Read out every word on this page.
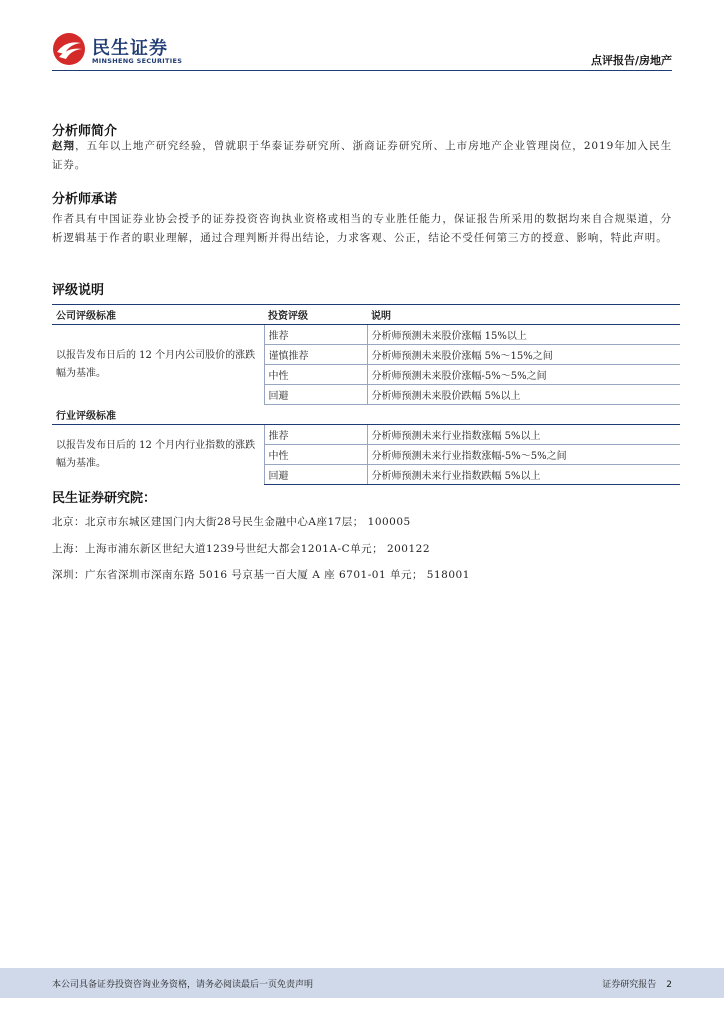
民生证券
MINSHENG SECURITIES	点评报告/房地产
分析师简介
赵翔，五年以上地产研究经验，曾就职于华泰证券研究所、浙商证券研究所、上市房地产企业管理岗位，2019年加入民生证券。
分析师承诺
作者具有中国证券业协会授予的证券投资咨询执业资格或相当的专业胜任能力，保证报告所采用的数据均来自合规渠道，分析逻辑基于作者的职业理解，通过合理判断并得出结论，力求客观、公正，结论不受任何第三方的授意、影响，特此声明。
评级说明
公司评级标准	投资评级	说明
以报告发布日后的 12 个月内公司股价的涨跌幅为基准。	推荐	分析师预测未来股价涨幅 15%以上
	谨慎推荐	分析师预测未来股价涨幅 5%～15%之间
	中性	分析师预测未来股价涨幅-5%～5%之间
	回避	分析师预测未来股价跌幅 5%以上
行业评级标准		
以报告发布日后的 12 个月内行业指数的涨跌幅为基准。	推荐	分析师预测未来行业指数涨幅 5%以上
	中性	分析师预测未来行业指数涨幅-5%～5%之间
	回避	分析师预测未来行业指数跌幅 5%以上
民生证券研究院：
北京：北京市东城区建国门内大街28号民生金融中心A座17层； 100005
上海：上海市浦东新区世纪大道1239号世纪大都会1201A-C单元； 200122
深圳：广东省深圳市深南东路 5016 号京基一百大厦 A 座 6701-01 单元； 518001
本公司具备证券投资咨询业务资格，请务必阅读最后一页免责声明	证券研究报告 2
